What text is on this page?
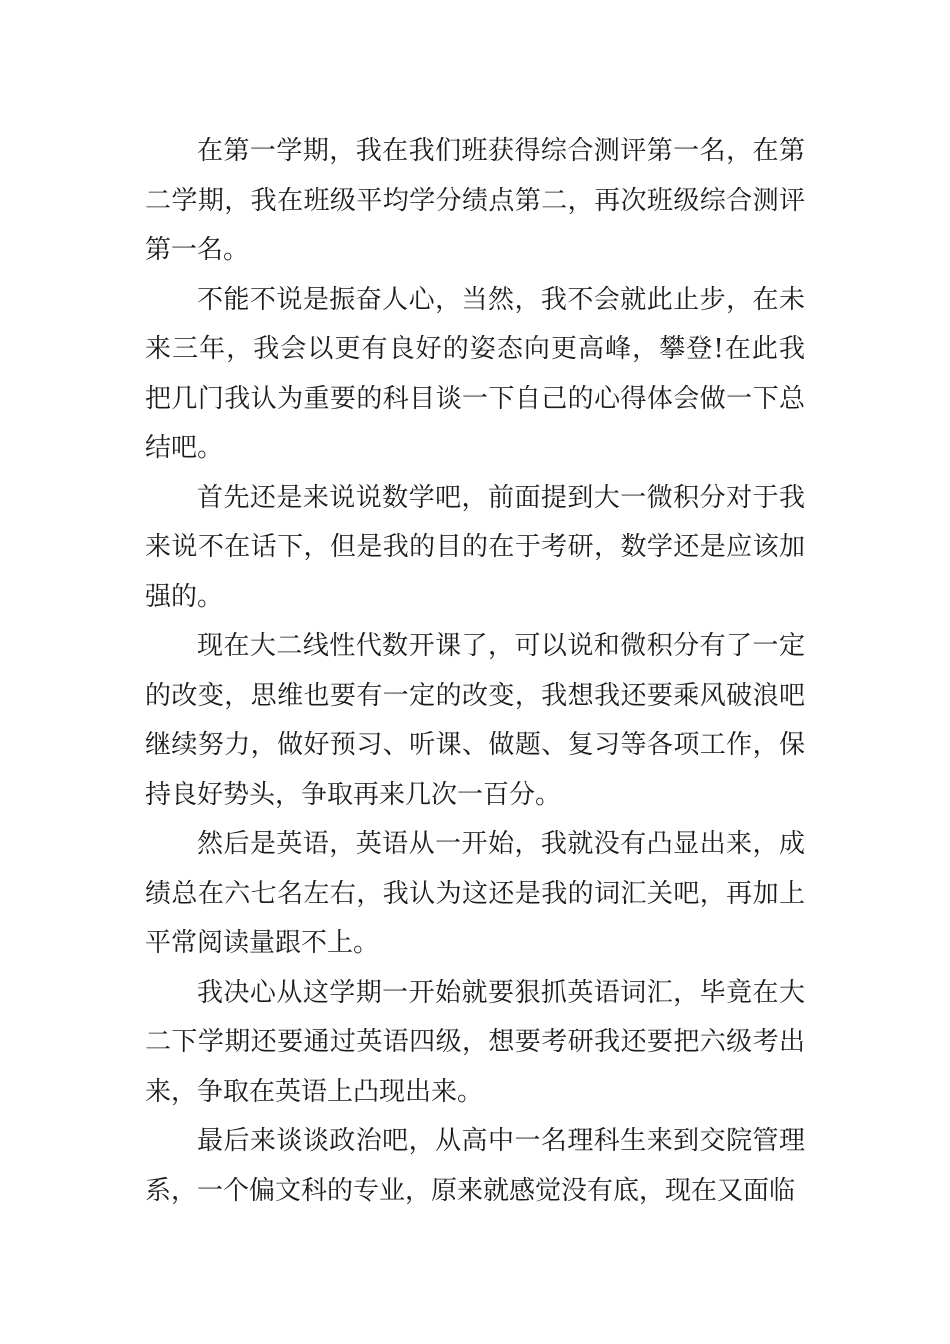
在第一学期，我在我们班获得综合测评第一名，在第二学期，我在班级平均学分绩点第二，再次班级综合测评第一名。

不能不说是振奋人心，当然，我不会就此止步，在未来三年，我会以更有良好的姿态向更高峰，攀登!在此我把几门我认为重要的科目谈一下自己的心得体会做一下总结吧。

首先还是来说说数学吧，前面提到大一微积分对于我来说不在话下，但是我的目的在于考研，数学还是应该加强的。

现在大二线性代数开课了，可以说和微积分有了一定的改变，思维也要有一定的改变，我想我还要乘风破浪吧继续努力，做好预习、听课、做题、复习等各项工作，保持良好势头，争取再来几次一百分。

然后是英语，英语从一开始，我就没有凸显出来，成绩总在六七名左右，我认为这还是我的词汇关吧，再加上平常阅读量跟不上。

我决心从这学期一开始就要狠抓英语词汇，毕竟在大二下学期还要通过英语四级，想要考研我还要把六级考出来，争取在英语上凸现出来。

最后来谈谈政治吧，从高中一名理科生来到交院管理系，一个偏文科的专业，原来就感觉没有底，现在又面临
